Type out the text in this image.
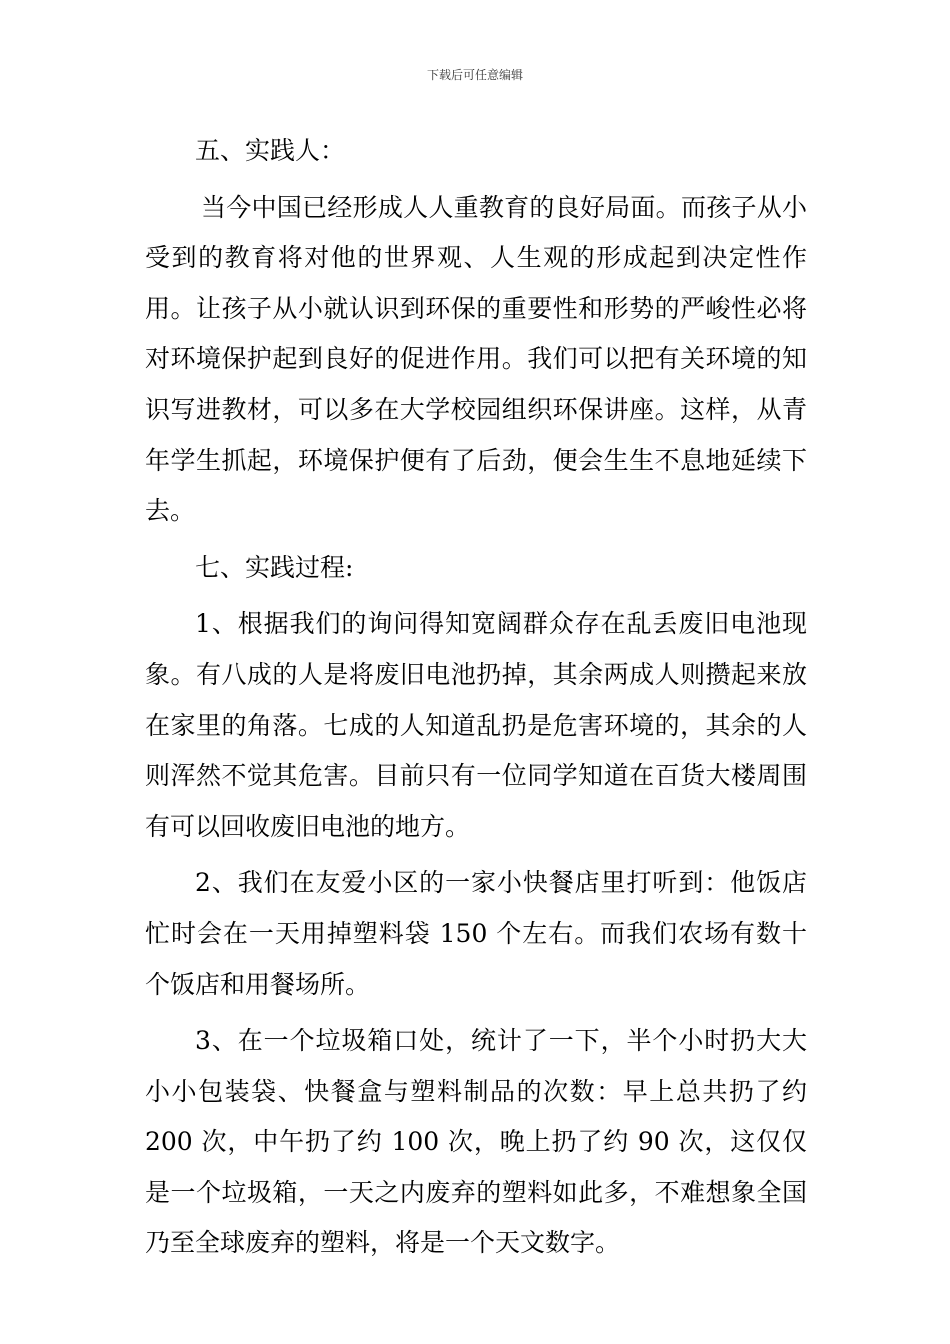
下载后可任意编辑

五、实践人：

当今中国已经形成人人重教育的良好局面。而孩子从小受到的教育将对他的世界观、人生观的形成起到决定性作用。让孩子从小就认识到环保的重要性和形势的严峻性必将对环境保护起到良好的促进作用。我们可以把有关环境的知识写进教材，可以多在大学校园组织环保讲座。这样，从青年学生抓起，环境保护便有了后劲，便会生生不息地延续下去。

七、实践过程:

1、根据我们的询问得知宽阔群众存在乱丢废旧电池现象。有八成的人是将废旧电池扔掉，其余两成人则攒起来放在家里的角落。七成的人知道乱扔是危害环境的，其余的人则浑然不觉其危害。目前只有一位同学知道在百货大楼周围有可以回收废旧电池的地方。

2、我们在友爱小区的一家小快餐店里打听到：他饭店忙时会在一天用掉塑料袋 150 个左右。而我们农场有数十个饭店和用餐场所。

3、在一个垃圾箱口处，统计了一下，半个小时扔大大小小包装袋、快餐盒与塑料制品的次数：早上总共扔了约 200 次，中午扔了约 100 次，晚上扔了约 90 次，这仅仅是一个垃圾箱，一天之内废弃的塑料如此多，不难想象全国乃至全球废弃的塑料，将是一个天文数字。
